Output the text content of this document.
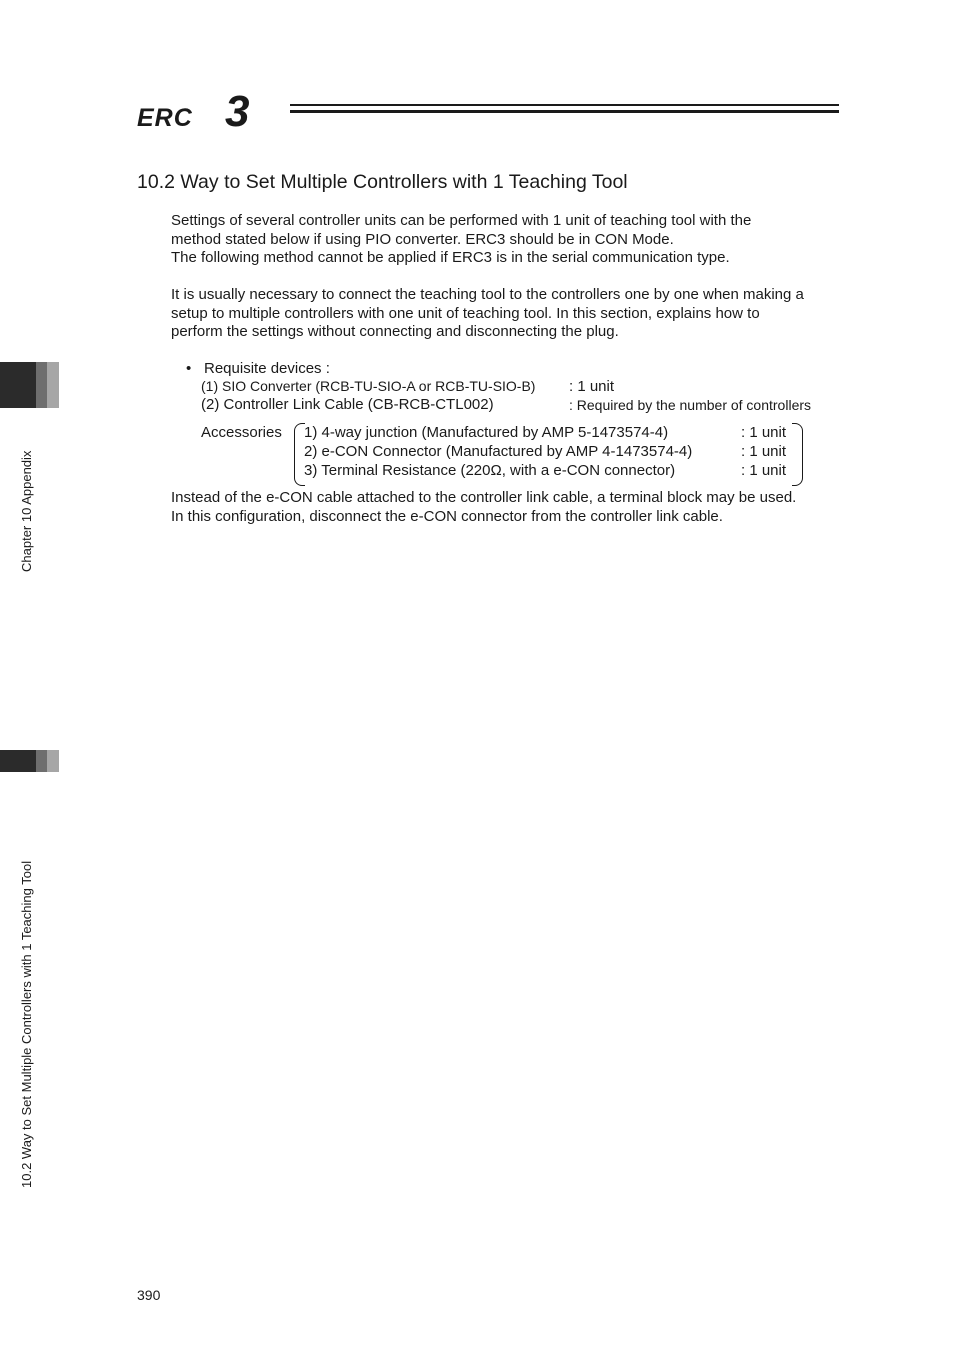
ERC 3
Chapter 10 Appendix
10.2 Way to Set Multiple Controllers with 1 Teaching Tool
10.2 Way to Set Multiple Controllers with 1 Teaching Tool
Settings of several controller units can be performed with 1 unit of teaching tool with the
method stated below if using PIO converter. ERC3 should be in CON Mode.
The following method cannot be applied if ERC3 is in the serial communication type.
It is usually necessary to connect the teaching tool to the controllers one by one when making a
setup to multiple controllers with one unit of teaching tool. In this section, explains how to
perform the settings without connecting and disconnecting the plug.
• Requisite devices :
(1) SIO Converter (RCB-TU-SIO-A or RCB-TU-SIO-B) : 1 unit
(2) Controller Link Cable (CB-RCB-CTL002)	: Required by the number of controllers
Accessories 1) 4-way junction (Manufactured by AMP 5-1473574-4)	: 1 unit
2) e-CON Connector (Manufactured by AMP 4-1473574-4)	: 1 unit
3) Terminal Resistance (220Ω, with a e-CON connector)	: 1 unit
Instead of the e-CON cable attached to the controller link cable, a terminal block may be used.
In this configuration, disconnect the e-CON connector from the controller link cable.
390
